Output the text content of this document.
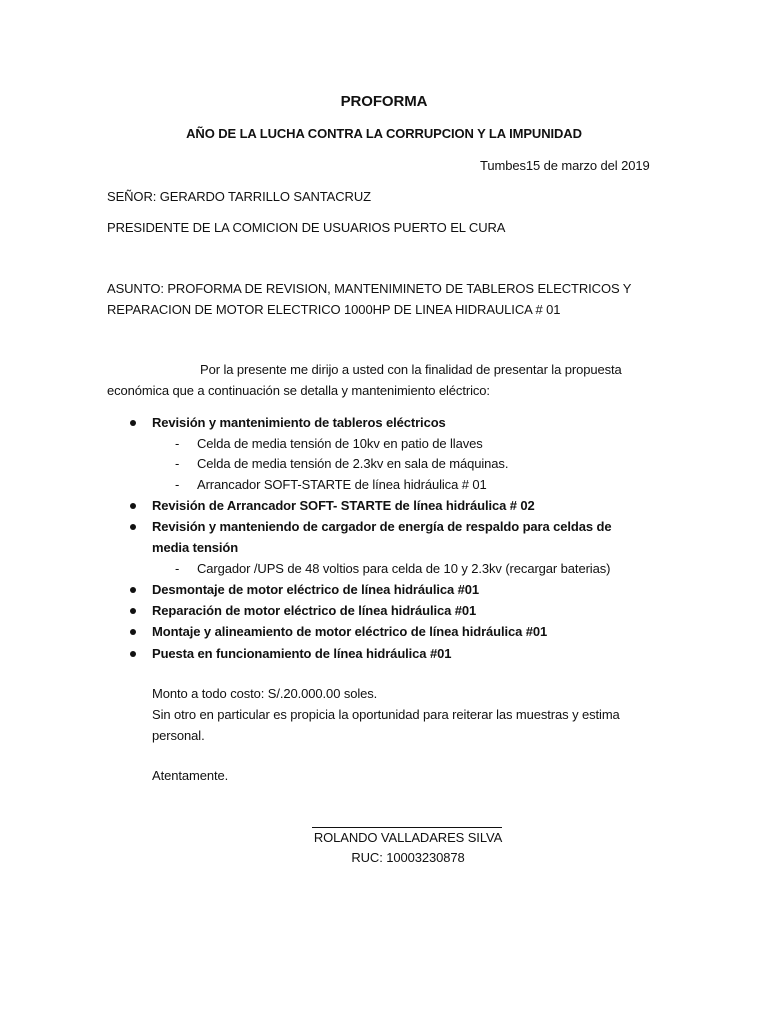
PROFORMA
AÑO DE LA LUCHA CONTRA LA CORRUPCION Y LA IMPUNIDAD
Tumbes15 de marzo del 2019
SEÑOR: GERARDO TARRILLO SANTACRUZ
PRESIDENTE DE LA COMICION DE USUARIOS PUERTO EL CURA
ASUNTO: PROFORMA DE REVISION, MANTENIMINETO DE TABLEROS ELECTRICOS Y
REPARACION DE MOTOR ELECTRICO 1000HP DE LINEA HIDRAULICA # 01
Por la presente me dirijo a usted con la finalidad de presentar la propuesta
económica que a continuación se detalla y mantenimiento eléctrico:
Revisión y mantenimiento de tableros eléctricos
- Celda de media tensión de 10kv en patio de llaves
- Celda de media tensión de 2.3kv en sala de máquinas.
- Arrancador SOFT-STARTE de línea hidráulica # 01
Revisión de Arrancador SOFT- STARTE de línea hidráulica # 02
Revisión y manteniendo de cargador de energía de respaldo para celdas de
media tensión
- Cargador /UPS de 48 voltios para celda de 10 y 2.3kv (recargar baterias)
Desmontaje de motor eléctrico de línea hidráulica #01
Reparación de motor eléctrico de línea hidráulica #01
Montaje y alineamiento de motor eléctrico de línea hidráulica #01
Puesta en funcionamiento de línea hidráulica #01
Monto a todo costo: S/.20.000.00 soles.
Sin otro en particular es propicia la oportunidad para reiterar las muestras y estima
personal.
Atentamente.
ROLANDO VALLADARES SILVA
RUC: 10003230878
